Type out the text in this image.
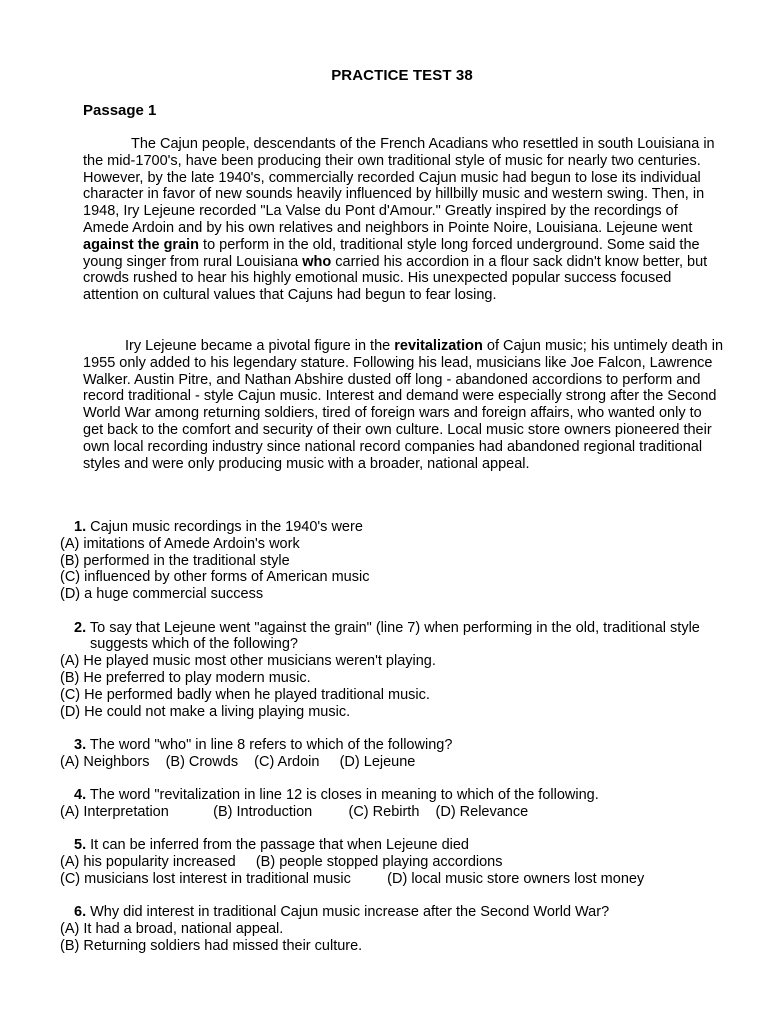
PRACTICE TEST 38
Passage 1

The Cajun people, descendants of the French Acadians who resettled in south Louisiana in the mid-1700's, have been producing their own traditional style of music for nearly two centuries. However, by the late 1940's, commercially recorded Cajun music had begun to lose its individual character in favor of new sounds heavily influenced by hillbilly music and western swing. Then, in 1948, Iry Lejeune recorded "La Valse du Pont d'Amour." Greatly inspired by the recordings of Amede Ardoin and by his own relatives and neighbors in Pointe Noire, Louisiana. Lejeune went against the grain to perform in the old, traditional style long forced underground. Some said the young singer from rural Louisiana who carried his accordion in a flour sack didn't know better, but crowds rushed to hear his highly emotional music. His unexpected popular success focused attention on cultural values that Cajuns had begun to fear losing.

Iry Lejeune became a pivotal figure in the revitalization of Cajun music; his untimely death in 1955 only added to his legendary stature. Following his lead, musicians like Joe Falcon, Lawrence Walker. Austin Pitre, and Nathan Abshire dusted off long - abandoned accordions to perform and record traditional - style Cajun music. Interest and demand were especially strong after the Second World War among returning soldiers, tired of foreign wars and foreign affairs, who wanted only to get back to the comfort and security of their own culture. Local music store owners pioneered their own local recording industry since national record companies had abandoned regional traditional styles and were only producing music with a broader, national appeal.

1. Cajun music recordings in the 1940's were
(A) imitations of Amede Ardoin's work
(B) performed in the traditional style
(C) influenced by other forms of American music
(D) a huge commercial success
2. To say that Lejeune went "against the grain" (line 7) when performing in the old, traditional style suggests which of the following?
(A) He played music most other musicians weren't playing.
(B) He preferred to play modern music.
(C) He performed badly when he played traditional music.
(D) He could not make a living playing music.
3. The word "who" in line 8 refers to which of the following?
(A) Neighbors    (B) Crowds    (C) Ardoin     (D) Lejeune
4. The word "revitalization in line 12 is closes in meaning to which of the following.
(A) Interpretation           (B) Introduction         (C) Rebirth    (D) Relevance
5. It can be inferred from the passage that when Lejeune died
(A) his popularity increased     (B) people stopped playing accordions
(C) musicians lost interest in traditional music         (D) local music store owners lost money
6. Why did interest in traditional Cajun music increase after the Second World War?
(A) It had a broad, national appeal.
(B) Returning soldiers had missed their culture.
